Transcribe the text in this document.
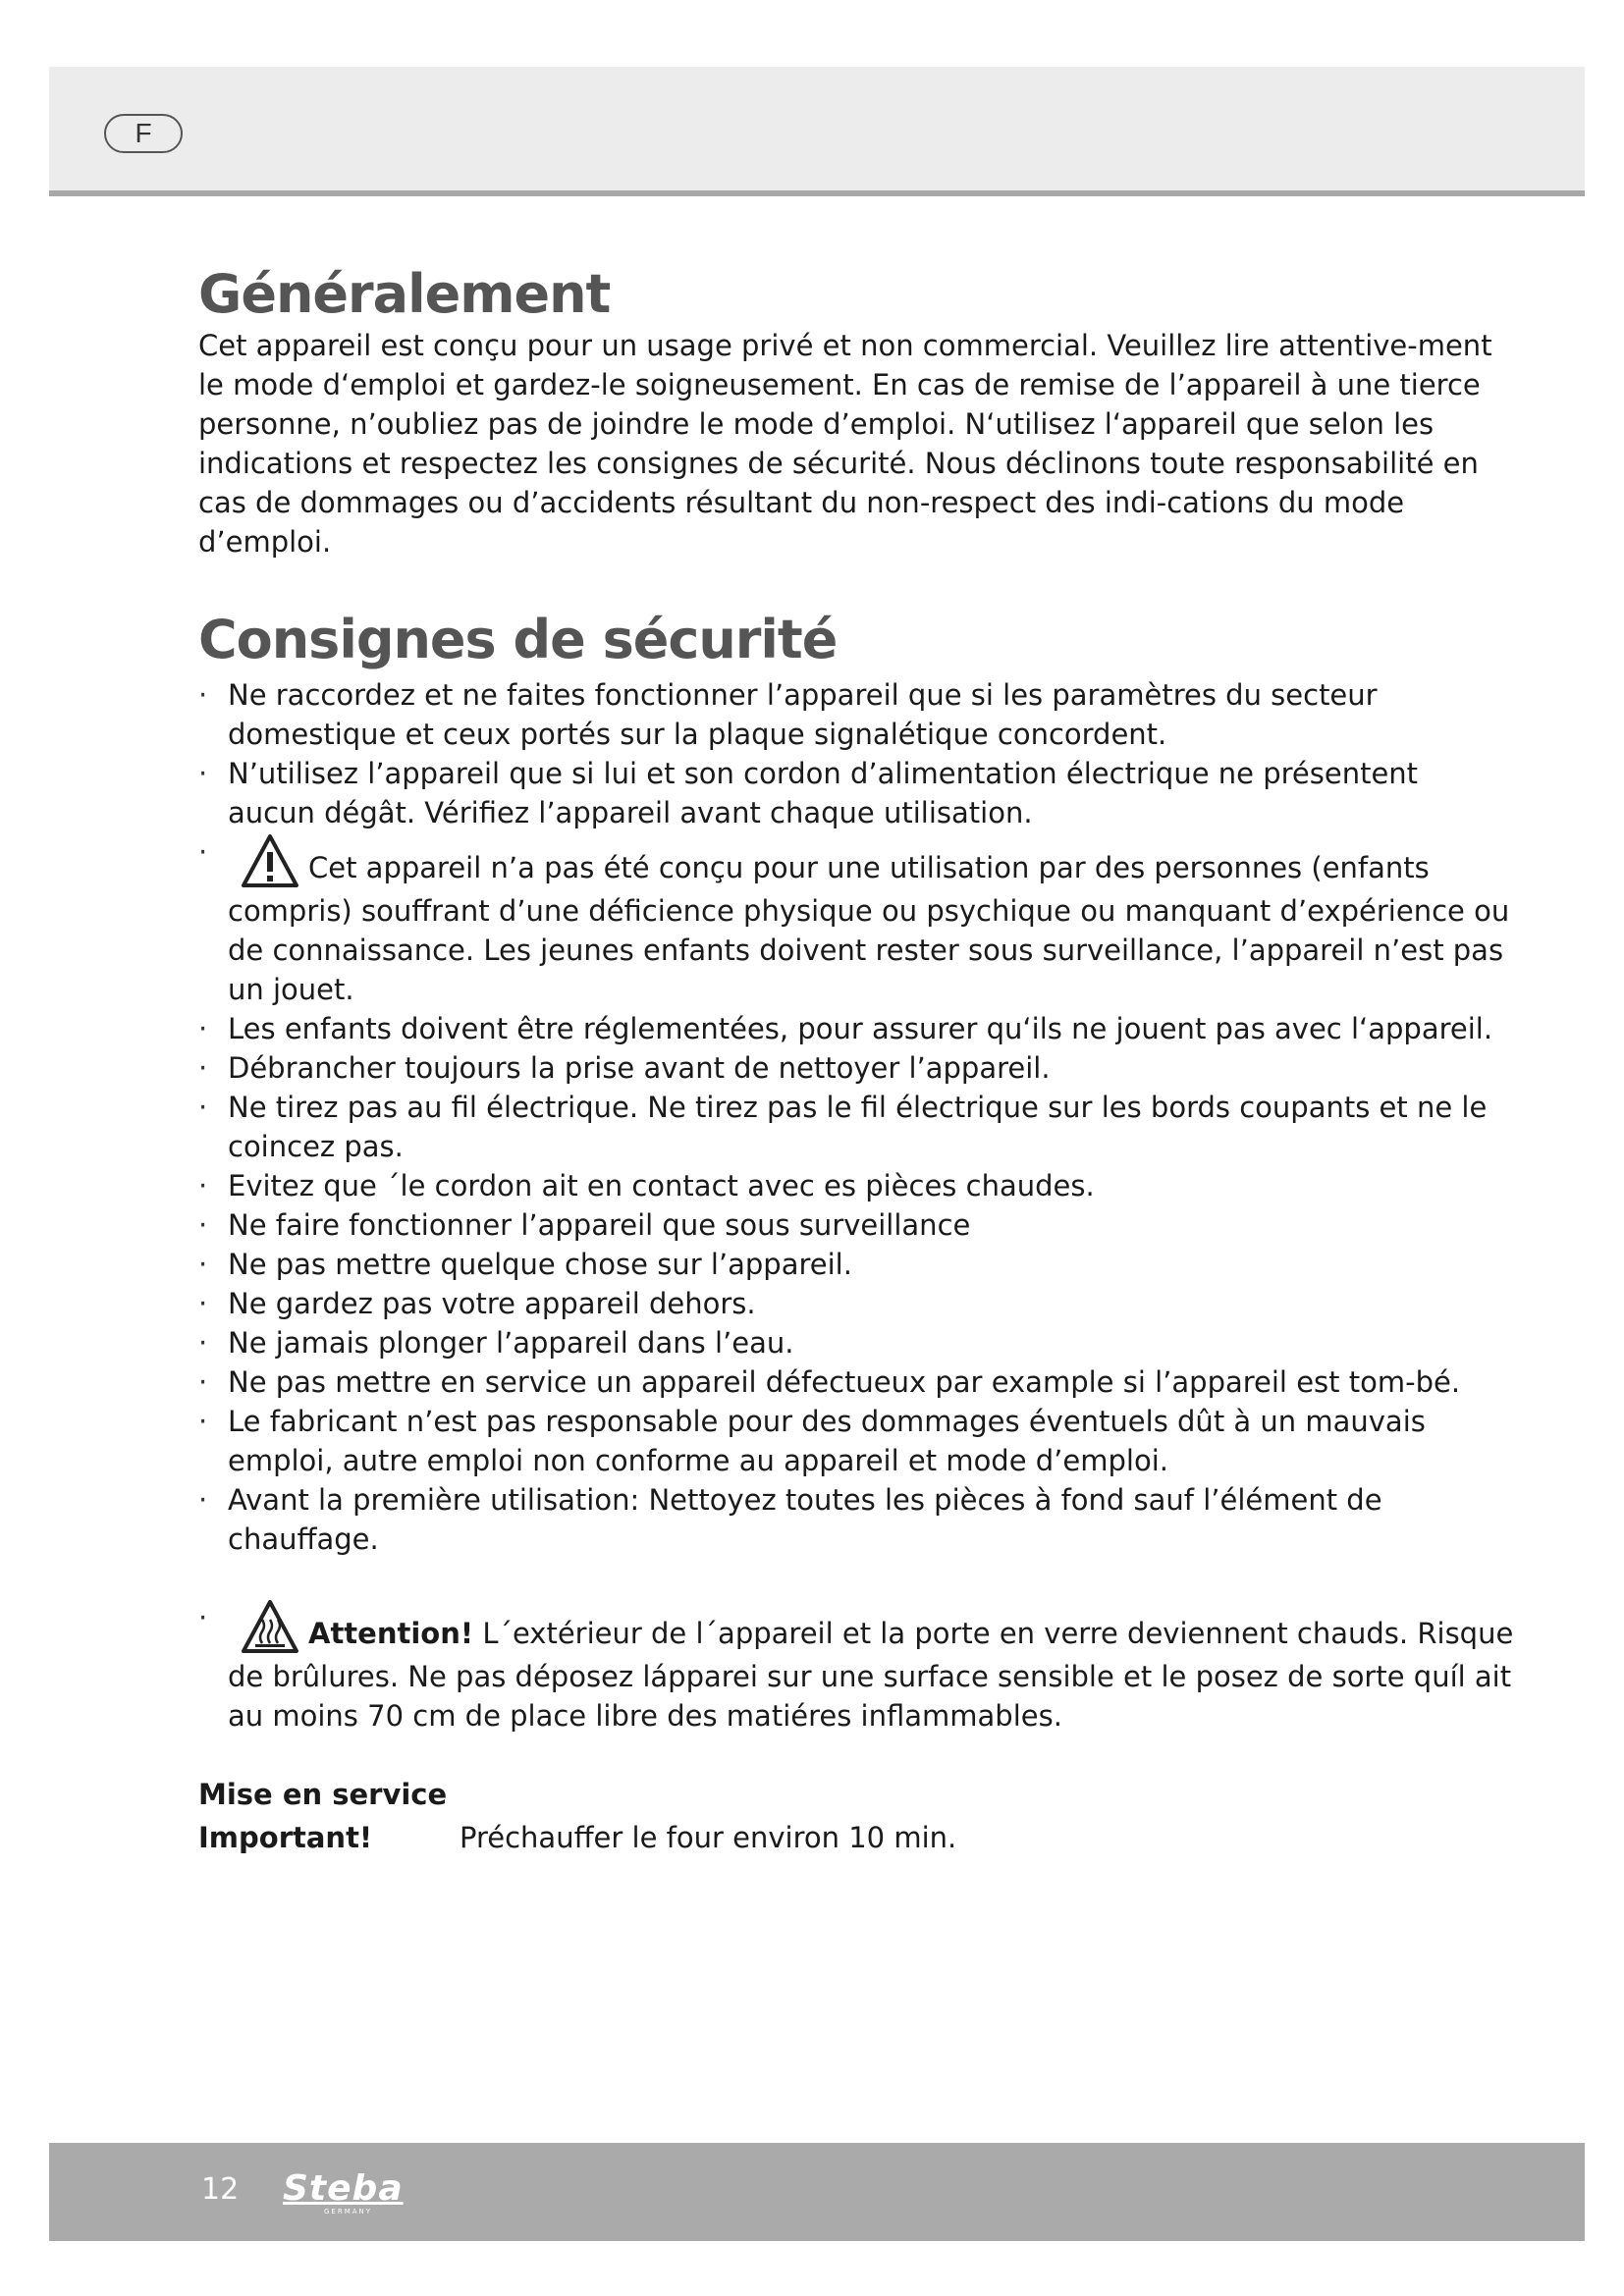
F
Généralement

Cet appareil est conçu pour un usage privé et non commercial. Veuillez lire attentive-ment le mode d‘emploi et gardez-le soigneusement. En cas de remise de l’appareil à une tierce personne, n’oubliez pas de joindre le mode d’emploi. N‘utilisez l‘appareil que selon les indications et respectez les consignes de sécurité. Nous déclinons toute responsabilité en cas de dommages ou d’accidents résultant du non-respect des indi-cations du mode d’emploi.

Consignes de sécurité
· Ne raccordez et ne faites fonctionner l’appareil que si les paramètres du secteur domestique et ceux portés sur la plaque signalétique concordent.
· N’utilisez l’appareil que si lui et son cordon d’alimentation électrique ne présentent aucun dégât. Vérifiez l’appareil avant chaque utilisation.
· Cet appareil n’a pas été conçu pour une utilisation par des personnes (enfants compris) souffrant d’une déficience physique ou psychique ou manquant d’expérience ou de connaissance. Les jeunes enfants doivent rester sous surveillance, l’appareil n’est pas un jouet.
· Les enfants doivent être réglementées, pour assurer qu‘ils ne jouent pas avec l‘appareil.
· Débrancher toujours la prise avant de nettoyer l’appareil.
· Ne tirez pas au fil électrique. Ne tirez pas le fil électrique sur les bords coupants et ne le coincez pas.
· Evitez que ´le cordon ait en contact avec es pièces chaudes.
· Ne faire fonctionner l’appareil que sous surveillance
· Ne pas mettre quelque chose sur l’appareil.
· Ne gardez pas votre appareil dehors.
· Ne jamais plonger l’appareil dans l’eau.
· Ne pas mettre en service un appareil défectueux par example si l’appareil est tom-bé.
· Le fabricant n’est pas responsable pour des dommages éventuels dût à un mauvais emploi, autre emploi non conforme au appareil et mode d’emploi.
· Avant la première utilisation: Nettoyez toutes les pièces à fond sauf l’élément de chauffage.
· Attention! L´extérieur de l´appareil et la porte en verre deviennent chauds. Risque de brûlures. Ne pas déposez lápparei sur une surface sensible et le posez de sorte quíl ait au moins 70 cm de place libre des matiéres inflammables.
Mise en service
Important!	Préchauffer le four environ 10 min.
12 Steba
GERMANY
